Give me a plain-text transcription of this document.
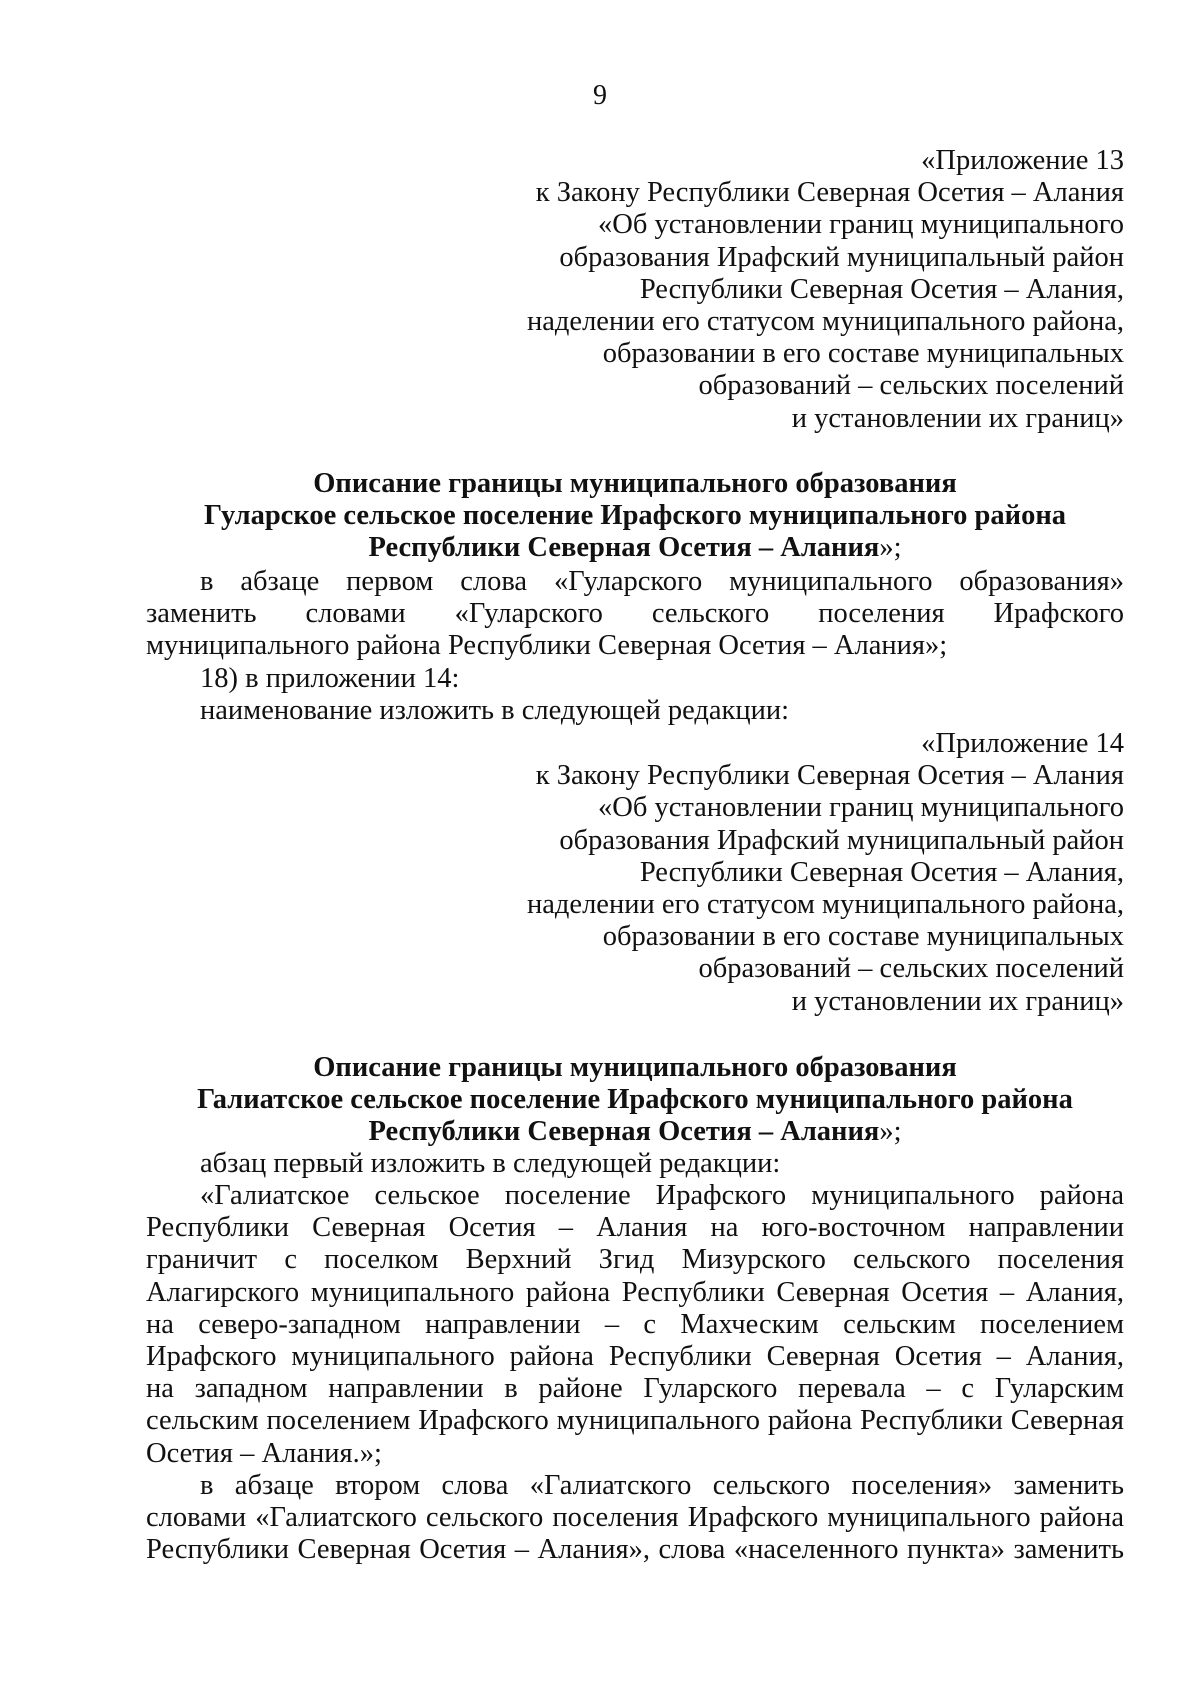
9
«Приложение 13
к Закону Республики Северная Осетия – Алания
«Об установлении границ муниципального
образования Ирафский муниципальный район
Республики Северная Осетия – Алания,
наделении его статусом муниципального района,
образовании в его составе муниципальных
образований – сельских поселений
и установлении их границ»
Описание границы муниципального образования
Гуларское сельское поселение Ирафского муниципального района
Республики Северная Осетия – Алания»;
в абзаце первом слова «Гуларского муниципального образования»
заменить словами «Гуларского сельского поселения Ирафского
муниципального района Республики Северная Осетия – Алания»;
18) в приложении 14:
наименование изложить в следующей редакции:
«Приложение 14
к Закону Республики Северная Осетия – Алания
«Об установлении границ муниципального
образования Ирафский муниципальный район
Республики Северная Осетия – Алания,
наделении его статусом муниципального района,
образовании в его составе муниципальных
образований – сельских поселений
и установлении их границ»
Описание границы муниципального образования
Галиатское сельское поселение Ирафского муниципального района
Республики Северная Осетия – Алания»;
абзац первый изложить в следующей редакции:
«Галиатское сельское поселение Ирафского муниципального района
Республики Северная Осетия – Алания на юго-восточном направлении
граничит с поселком Верхний Згид Мизурского сельского поселения
Алагирского муниципального района Республики Северная Осетия – Алания,
на северо-западном направлении – с Махческим сельским поселением
Ирафского муниципального района Республики Северная Осетия – Алания,
на западном направлении в районе Гуларского перевала – с Гуларским
сельским поселением Ирафского муниципального района Республики Северная
Осетия – Алания.»;
в абзаце втором слова «Галиатского сельского поселения» заменить
словами «Галиатского сельского поселения Ирафского муниципального района
Республики Северная Осетия – Алания», слова «населенного пункта» заменить
